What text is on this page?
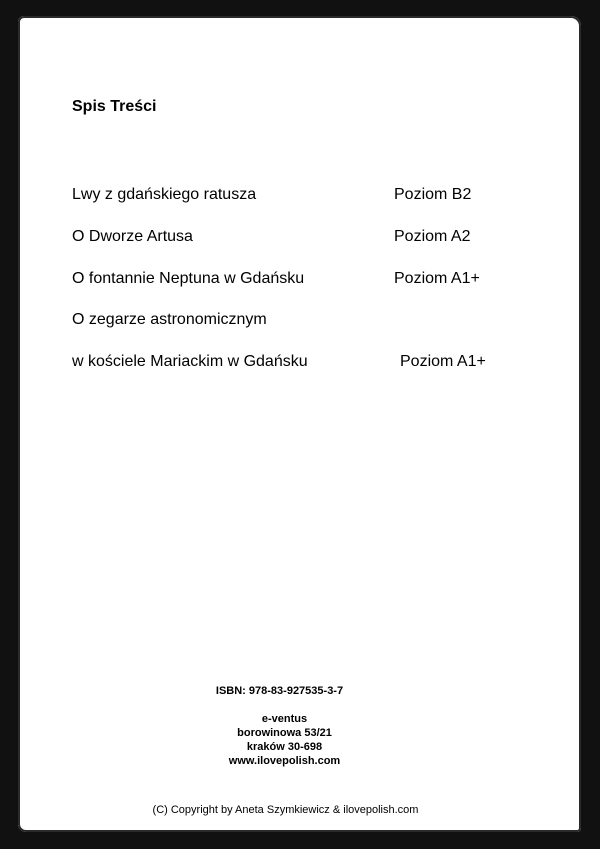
Spis Treści
Lwy z gdańskiego ratusza	Poziom B2
O Dworze Artusa	Poziom A2
O fontannie Neptuna w Gdańsku	Poziom A1+
O zegarze astronomicznym
w kościele Mariackim w Gdańsku	Poziom A1+
ISBN: 978-83-927535-3-7
e-ventus
borowinowa 53/21
kraków 30-698
www.ilovepolish.com
(C) Copyright by Aneta Szymkiewicz & ilovepolish.com
